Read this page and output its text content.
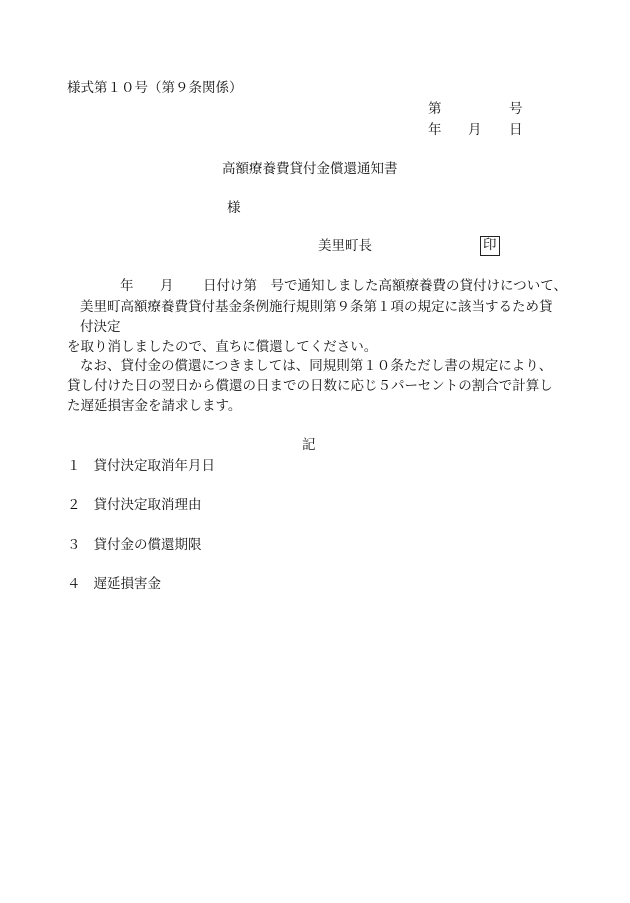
様式第１０号（第９条関係）
第	号
年 月 日
高額療養費貸付金償還通知書
様
美里町長	印
年 月 日付け第　号で通知しました高額療養費の貸付けについて、
美里町高額療養費貸付基金条例施行規則第９条第１項の規定に該当するため貸
付決定
を取り消しましたので、直ちに償還してください。
なお、貸付金の償還につきましては、同規則第１０条ただし書の規定により、
貸し付けた日の翌日から償還の日までの日数に応じ５パーセントの割合で計算し
た遅延損害金を請求します。
記
１ 貸付決定取消年月日
２ 貸付決定取消理由
３ 貸付金の償還期限
４ 遅延損害金
